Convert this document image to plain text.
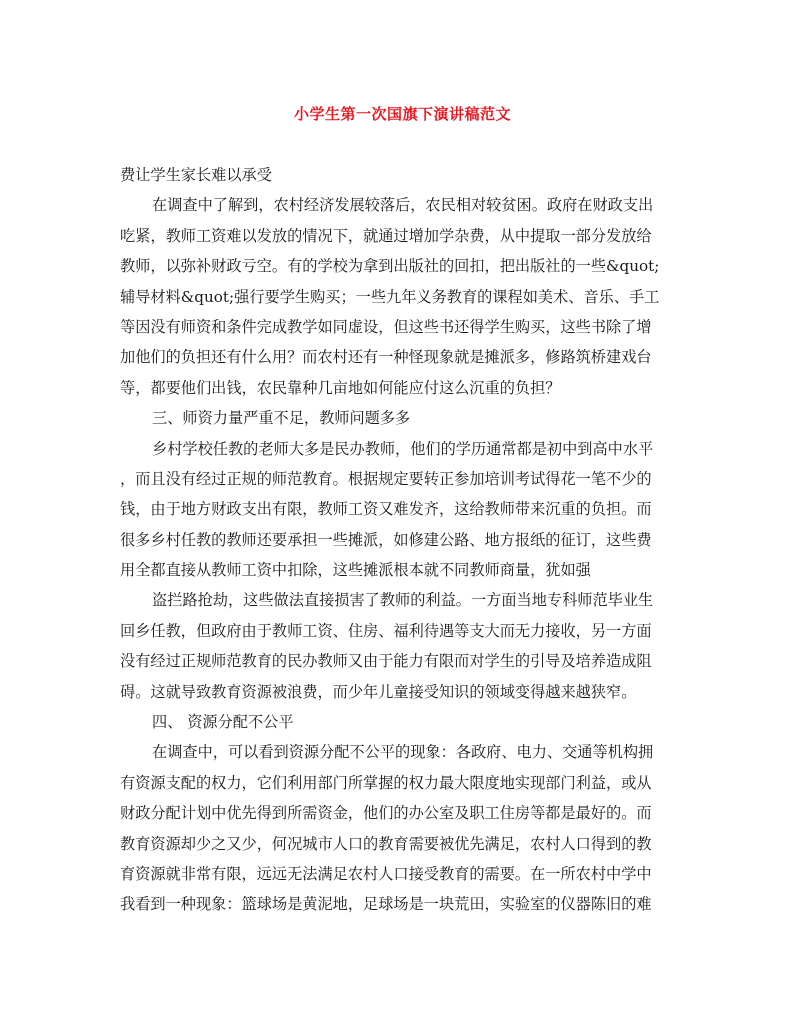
小学生第一次国旗下演讲稿范文
费让学生家长难以承受
在调查中了解到，农村经济发展较落后，农民相对较贫困。政府在财政支出
吃紧，教师工资难以发放的情况下，就通过增加学杂费，从中提取一部分发放给
教师，以弥补财政亏空。有的学校为拿到出版社的回扣，把出版社的一些&quot;
辅导材料&quot;强行要学生购买；一些九年义务教育的课程如美术、音乐、手工
等因没有师资和条件完成教学如同虚设，但这些书还得学生购买，这些书除了增
加他们的负担还有什么用？而农村还有一种怪现象就是摊派多，修路筑桥建戏台
等，都要他们出钱，农民靠种几亩地如何能应付这么沉重的负担？
三、师资力量严重不足，教师问题多多
乡村学校任教的老师大多是民办教师，他们的学历通常都是初中到高中水平
，而且没有经过正规的师范教育。根据规定要转正参加培训考试得花一笔不少的
钱，由于地方财政支出有限，教师工资又难发齐，这给教师带来沉重的负担。而
很多乡村任教的教师还要承担一些摊派，如修建公路、地方报纸的征订，这些费
用全都直接从教师工资中扣除，这些摊派根本就不同教师商量，犹如强
盗拦路抢劫，这些做法直接损害了教师的利益。一方面当地专科师范毕业生
回乡任教，但政府由于教师工资、住房、福利待遇等支大而无力接收，另一方面
没有经过正规师范教育的民办教师又由于能力有限而对学生的引导及培养造成阻
碍。这就导致教育资源被浪费，而少年儿童接受知识的领域变得越来越狭窄。
四、 资源分配不公平
在调查中，可以看到资源分配不公平的现象：各政府、电力、交通等机构拥
有资源支配的权力，它们利用部门所掌握的权力最大限度地实现部门利益，或从
财政分配计划中优先得到所需资金，他们的办公室及职工住房等都是最好的。而
教育资源却少之又少，何况城市人口的教育需要被优先满足，农村人口得到的教
育资源就非常有限，远远无法满足农村人口接受教育的需要。在一所农村中学中
我看到一种现象：篮球场是黄泥地，足球场是一块荒田，实验室的仪器陈旧的难
